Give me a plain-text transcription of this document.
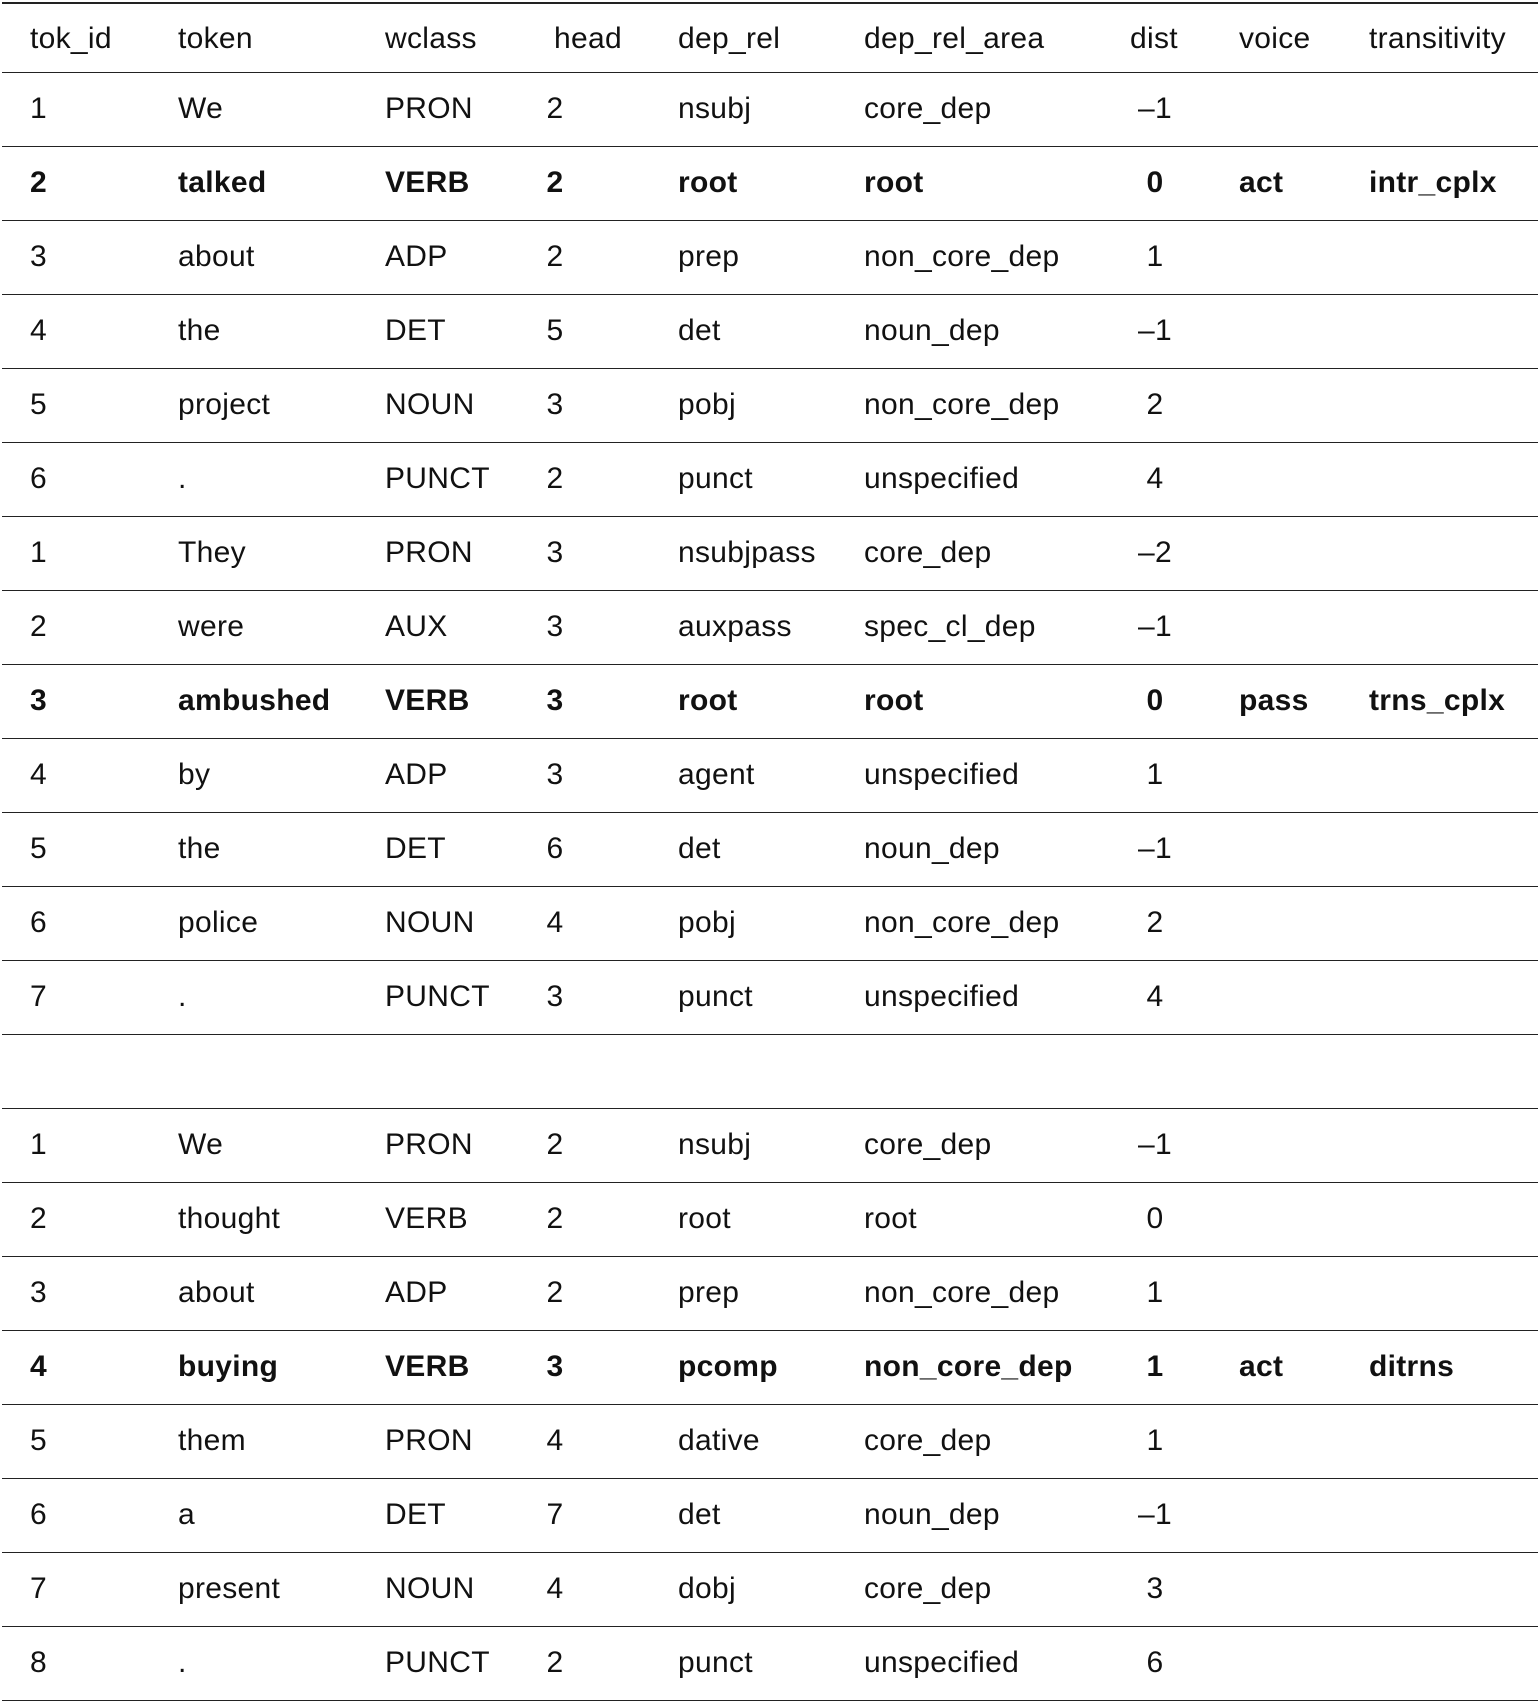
tok_id token	wclass	head dep_rel	dep_rel_area	dist voice transitivity
1	We	PRON	2	nsubj	core_dep	–1
2	talked	VERB	2	root	root	0	act	intr_cplx
3	about	ADP	2	prep	non_core_dep	1
4	the	DET	5	det	noun_dep	–1
5	project	NOUN	3	pobj	non_core_dep	2
6	.	PUNCT	2	punct	unspecified	4
1	They	PRON	3	nsubjpass core_dep	–2
2	were	AUX	3	auxpass spec_cl_dep	–1
3	ambushed VERB	3	root	root	0	pass trns_cplx
4	by	ADP	3	agent	unspecified	1
5	the	DET	6	det	noun_dep	–1
6	police	NOUN	4	pobj	non_core_dep	2
7	.	PUNCT	3	punct	unspecified	4
1	We	PRON	2	nsubj	core_dep	–1
2	thought	VERB	2	root	root	0
3	about	ADP	2	prep	non_core_dep	1
4	buying	VERB	3	pcomp	non_core_dep	1	act	ditrns
5	them	PRON	4	dative	core_dep	1
6	a	DET	7	det	noun_dep	–1
7	present	NOUN	4	dobj	core_dep	3
8	.	PUNCT	2	punct	unspecified	6
